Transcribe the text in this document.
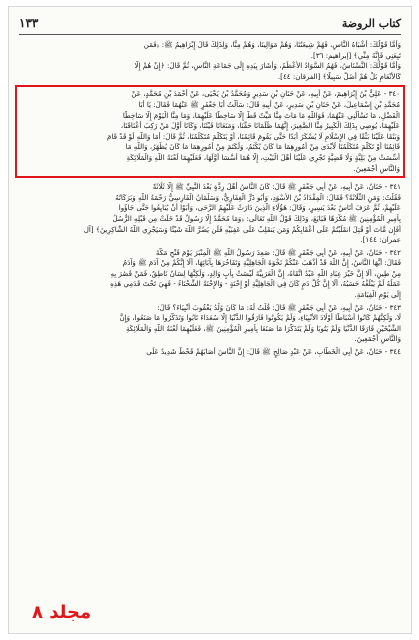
١٣٣	كتاب الروضة
وَأَمَّا قَوْلُكَ: أَشْبَاهُ النَّاسِ، فَهُمْ شِيعَتُنَا، وَهُمْ مَوَالِينَا، وَهُمْ مِنَّا، وَلِذَلِكَ قَالَ إِبْرَاهِيمُ ﷺ: ﴿فَمَن
تَبِعَنِي فَإِنَّهُ مِنِّي﴾ [إبراهيم: ٣٦].
وَأَمَّا قَوْلُكَ: النَّسْنَاسُ، فَهُمُ السَّوَادُ الأَعْظَمُ، وَأَشَارَ بِيَدِهِ إِلَى جَمَاعَةِ النَّاسِ، ثُمَّ قَالَ: ﴿إِنْ هُمْ إِلَّا
كَالأَنْعَامِ بَلْ هُمْ أَضَلُّ سَبِيلًا﴾ [الفرقان: ٤٤].
٣٤٠ - عَلِيُّ بْنُ إِبْرَاهِيمَ، عَنْ أَبِيهِ، عَنْ حَنَانِ بْنِ سَدِيرٍ وَمُحَمَّدُ بْنُ يَحْيَى، عَنْ أَحْمَدَ بْنِ مُحَمَّدٍ، عَنْ
مُحَمَّدِ بْنِ إِسْمَاعِيلَ، عَنْ حَنَانِ بْنِ سَدِيرٍ، عَنْ أَبِيهِ قَالَ: سَأَلْتُ أَبَا جَعْفَرٍ ﷺ عَنْهُمَا فَقَالَ: يَا أَبَا
الْفَضْلِ، مَا تَسْأَلُنِي عَنْهُمَا، فَوَاللَّهِ مَا مَاتَ مِنَّا مَيِّتٌ قَطُّ إِلَّا سَاخِطًا عَلَيْهِمَا، وَمَا مِنَّا الْيَوْمَ إِلَّا سَاخِطًا
عَلَيْهِمَا، يُوصِي بِذَلِكَ الْكَبِيرُ مِنَّا الصَّغِيرَ، إِنَّهُمَا ظَلَمَانَا حَقَّنَا، وَمَنَعَانَا فَيْئَنَا، وَكَانَا أَوَّلَ مَنْ رَكِبَ أَعْنَاقَنَا،
وَبَثَقَا عَلَيْنَا بَثْقًا فِي الإِسْلَامِ لَا يُسْكَرُ أَبَدًا حَتَّى يَقُومَ قَائِمُنَا، أَوْ يَتَكَلَّمَ مُتَكَلِّمُنَا، ثُمَّ قَالَ: أَمَا وَاللَّهِ لَوْ قَدْ قَامَ
قَائِمُنَا أَوْ تَكَلَّمَ مُتَكَلِّمُنَا لَأَبْدَى مِنْ أُمُورِهِمَا مَا كَانَ يُكْتَمُ، وَلَكَتَمَ مِنْ أُمُورِهِمَا مَا كَانَ يُظْهَرُ، وَاللَّهِ مَا
أُسِّسَتْ مِنْ بَلِيَّةٍ وَلَا قَضِيَّةٍ تَجْرِي عَلَيْنَا أَهْلَ الْبَيْتِ، إِلَّا هُمَا أَسَّسَا أَوَّلَهَا، فَعَلَيْهِمَا لَعْنَةُ اللَّهِ وَالْمَلَائِكَةِ
وَالنَّاسِ أَجْمَعِينَ.
٣٤١ - حَنَانٌ، عَنْ أَبِيهِ، عَنْ أَبِي جَعْفَرٍ ﷺ قَالَ: كَانَ النَّاسُ أَهْلَ رِدَّةٍ بَعْدَ النَّبِيِّ ﷺ إِلَّا ثَلَاثَةً
فَقُلْتُ: وَمَنِ الثَّلَاثَةُ؟ فَقَالَ: الْمِقْدَادُ بْنُ الأَسْوَدِ، وَأَبُو ذَرٍّ الْغِفَارِيُّ، وَسَلْمَانُ الْفَارِسِيُّ رَحْمَةُ اللَّهِ وَبَرَكَاتُهُ
عَلَيْهِمْ، ثُمَّ عَرَفَ أُنَاسٌ بَعْدَ يَسِيرٍ، وَقَالَ: هَؤُلَاءِ الَّذِينَ دَارَتْ عَلَيْهِمُ الرَّحَى، وَأَبَوْا أَنْ يُبَايِعُوا حَتَّى جَاؤُوا
بِأَمِيرِ الْمُؤْمِنِينَ ﷺ مُكْرَهًا فَبَايَعَ، وَذَلِكَ قَوْلُ اللَّهِ تَعَالَى: ﴿وَمَا مُحَمَّدٌ إِلَّا رَسُولٌ قَدْ خَلَتْ مِن قَبْلِهِ الرُّسُلُ
أَفَإِن مَّاتَ أَوْ قُتِلَ انقَلَبْتُمْ عَلَى أَعْقَابِكُمْ وَمَن يَنقَلِبْ عَلَى عَقِبَيْهِ فَلَن يَضُرَّ اللَّهَ شَيْئًا وَسَيَجْزِي اللَّهُ الشَّاكِرِينَ﴾ [آل
عمران: ١٤٤].
٣٤٢ - حَنَانٌ، عَنْ أَبِيهِ، عَنْ أَبِي جَعْفَرٍ ﷺ قَالَ: صَعِدَ رَسُولُ اللَّهِ ﷺ الْمِنْبَرَ يَوْمَ فَتْحِ مَكَّةَ
فَقَالَ: أَيُّهَا النَّاسُ، إِنَّ اللَّهَ قَدْ أَذْهَبَ عَنْكُمْ نَخْوَةَ الْجَاهِلِيَّةِ وَتَفَاخُرَهَا بِآبَائِهَا، أَلَا إِنَّكُمْ مِنْ آدَمَ ﷺ وَآدَمُ
مِنْ طِينٍ، أَلَا إِنَّ خَيْرَ عِبَادِ اللَّهِ عَبْدٌ اتَّقَاهُ، إِنَّ الْعَرَبِيَّةَ لَيْسَتْ بِأَبٍ وَالِدٍ، وَلَكِنَّهَا لِسَانٌ نَاطِقٌ، فَمَنْ قَصُرَ بِهِ
عَمَلُهُ لَمْ يَبْلُغْهُ حَسَبُهُ، أَلَا إِنَّ كُلَّ دَمٍ كَانَ فِي الْجَاهِلِيَّةِ أَوْ إِحْنَةٍ - وَالإِحْنَةُ الشَّحْنَاءُ - فَهِيَ تَحْتَ قَدَمِي هَذِهِ
إِلَى يَوْمِ الْقِيَامَةِ.
٣٤٣ - حَنَانٌ، عَنْ أَبِيهِ، عَنْ أَبِي جَعْفَرٍ ﷺ قَالَ: قُلْتُ لَهُ: مَا كَانَ وُلْدُ يَعْقُوبَ أَنْبِيَاءَ؟ قَالَ:
لَا، وَلَكِنَّهُمْ كَانُوا أَسْبَاطًا أَوْلَادَ الأَنْبِيَاءِ، وَلَمْ يَكُونُوا فَارَقُوا الدُّنْيَا إِلَّا سُعَدَاءَ تَابُوا وَتَذَكَّرُوا مَا صَنَعُوا، وَإِنَّ
الشَّيْخَيْنِ فَارَقَا الدُّنْيَا وَلَمْ يَتُوبَا وَلَمْ يَتَذَكَّرَا مَا صَنَعَا بِأَمِيرِ الْمُؤْمِنِينَ ﷺ، فَعَلَيْهِمَا لَعْنَةُ اللَّهِ وَالْمَلَائِكَةِ
وَالنَّاسِ أَجْمَعِينَ.
٣٤٤ - حَنَانٌ، عَنْ أَبِي الْخَطَّابِ، عَنْ عَبْدٍ صَالِحٍ ﷺ قَالَ: إِنَّ النَّاسَ أَصَابَهُمْ قَحْطٌ شَدِيدٌ عَلَى
مجلد ٨
